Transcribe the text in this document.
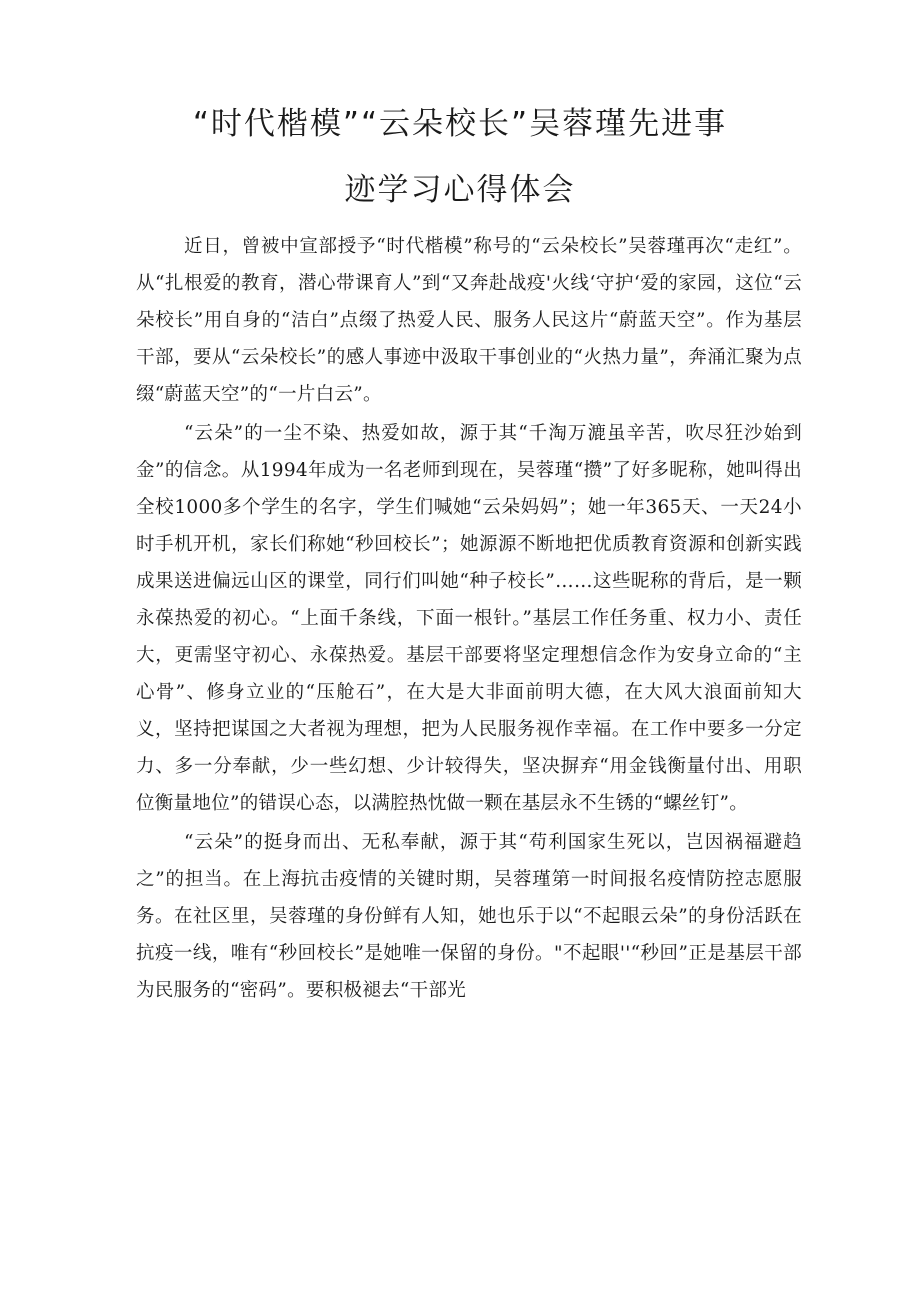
“时代楷模”“云朵校长”吴蓉瑾先进事
迹学习心得体会

近日，曾被中宣部授予“时代楷模”称号的“云朵校长”吴蓉瑾再次“走红”。从“扎根爱的教育，潜心带课育人”到“又奔赴战疫'火线‘守护‘爱的家园，这位“云朵校长”用自身的“洁白”点缀了热爱人民、服务人民这片“蔚蓝天空”。作为基层干部，要从“云朵校长”的感人事迹中汲取干事创业的“火热力量”，奔涌汇聚为点缀“蔚蓝天空”的“一片白云”。

“云朵”的一尘不染、热爱如故，源于其“千淘万漉虽辛苦，吹尽狂沙始到金”的信念。从1994年成为一名老师到现在，吴蓉瑾“攒”了好多昵称，她叫得出全校1000多个学生的名字，学生们喊她“云朵妈妈”；她一年365天、一天24小时手机开机，家长们称她“秒回校长”；她源源不断地把优质教育资源和创新实践成果送进偏远山区的课堂，同行们叫她“种子校长”……这些昵称的背后，是一颗永葆热爱的初心。“上面千条线，下面一根针。”基层工作任务重、权力小、责任大，更需坚守初心、永葆热爱。基层干部要将坚定理想信念作为安身立命的“主心骨”、修身立业的“压舱石”，在大是大非面前明大德，在大风大浪面前知大义，坚持把谋国之大者视为理想，把为人民服务视作幸福。在工作中要多一分定力、多一分奉献，少一些幻想、少计较得失，坚决摒弃“用金钱衡量付出、用职位衡量地位”的错误心态，以满腔热忱做一颗在基层永不生锈的“螺丝钉”。

“云朵”的挺身而出、无私奉献，源于其“苟利国家生死以，岂因祸福避趋之”的担当。在上海抗击疫情的关键时期，吴蓉瑾第一时间报名疫情防控志愿服务。在社区里，吴蓉瑾的身份鲜有人知，她也乐于以“不起眼云朵”的身份活跃在抗疫一线，唯有“秒回校长”是她唯一保留的身份。"不起眼''“秒回”正是基层干部为民服务的“密码”。要积极褪去“干部光
